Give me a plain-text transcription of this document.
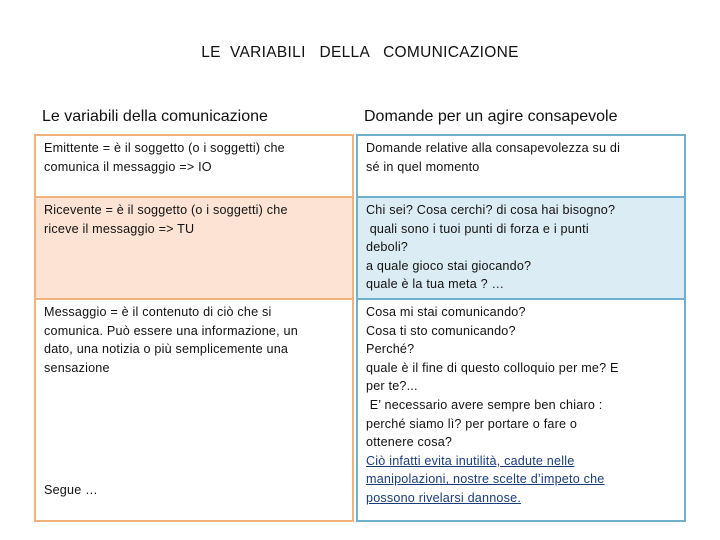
LE  VARIABILI   DELLA   COMUNICAZIONE
Le variabili della comunicazione	Domande per un agire consapevole
Emittente = è il soggetto (o i soggetti) che
comunica il messaggio => IO
Domande relative alla consapevolezza su di
sé in quel momento
Ricevente = è il soggetto (o i soggetti) che
riceve il messaggio => TU
Chi sei? Cosa cerchi? di cosa hai bisogno?
quali sono i tuoi punti di forza e i punti
deboli?
a quale gioco stai giocando?
quale è la tua meta ? …
Messaggio = è il contenuto di ciò che si
comunica. Può essere una informazione, un
dato, una notizia o più semplicemente una
sensazione
Segue …
Cosa mi stai comunicando?
Cosa ti sto comunicando?
Perché?
quale è il fine di questo colloquio per me? E
per te?...
E’ necessario avere sempre ben chiaro :
perché siamo lì? per portare o fare o
ottenere cosa?
Ciò infatti evita inutilità, cadute nelle
manipolazioni, nostre scelte d’impeto che
possono rivelarsi dannose.
